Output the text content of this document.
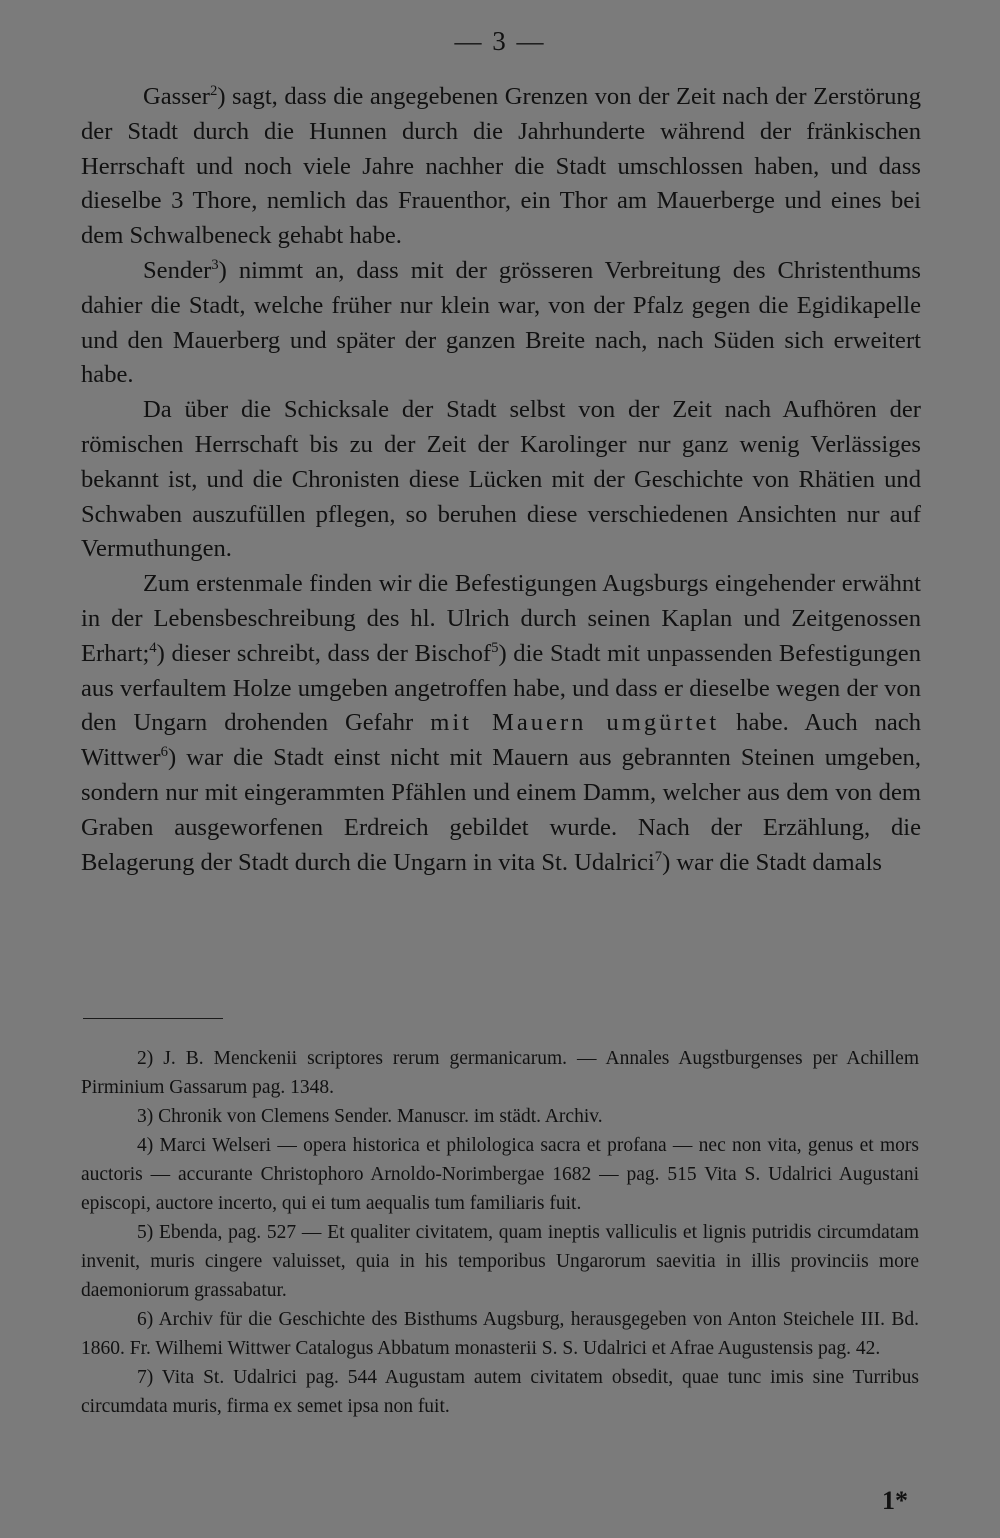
— 3 —

Gasser$^2$) sagt, dass die angegebenen Grenzen von der Zeit nach der Zerstörung der Stadt durch die Hunnen durch die Jahrhunderte während der fränkischen Herrschaft und noch viele Jahre nachher die Stadt umschlossen haben, und dass dieselbe 3 Thore, nemlich das Frauenthor, ein Thor am Mauerberge und eines bei dem Schwalbeneck gehabt habe.

Sender$^3$) nimmt an, dass mit der grösseren Verbreitung des Christenthums dahier die Stadt, welche früher nur klein war, von der Pfalz gegen die Egidikapelle und den Mauerberg und später der ganzen Breite nach, nach Süden sich erweitert habe.

Da über die Schicksale der Stadt selbst von der Zeit nach Aufhören der römischen Herrschaft bis zu der Zeit der Karolinger nur ganz wenig Verlässiges bekannt ist, und die Chronisten diese Lücken mit der Geschichte von Rhätien und Schwaben auszufüllen pflegen, so beruhen diese verschiedenen Ansichten nur auf Vermuthungen.

Zum erstenmale finden wir die Befestigungen Augsburgs eingehender erwähnt in der Lebensbeschreibung des hl. Ulrich durch seinen Kaplan und Zeitgenossen Erhart;$^4$) dieser schreibt, dass der Bischof$^5$) die Stadt mit unpassenden Befestigungen aus verfaultem Holze umgeben angetroffen habe, und dass er dieselbe wegen der von den Ungarn drohenden Gefahr mit Mauern umgürtet habe. Auch nach Wittwer$^6$) war die Stadt einst nicht mit Mauern aus gebrannten Steinen umgeben, sondern nur mit eingerammten Pfählen und einem Damm, welcher aus dem von dem Graben ausgeworfenen Erdreich gebildet wurde. Nach der Erzählung, die Belagerung der Stadt durch die Ungarn in vita St. Udalrici$^7$) war die Stadt damals

2) J. B. Menckenii scriptores rerum germanicarum. — Annales Augstburgenses per Achillem Pirminium Gassarum pag. 1348.

3) Chronik von Clemens Sender. Manuscr. im städt. Archiv.

4) Marci Welseri — opera historica et philologica sacra et profana — nec non vita, genus et mors auctoris — accurante Christophoro Arnoldo-Norimbergae 1682 — pag. 515 Vita S. Udalrici Augustani episcopi, auctore incerto, qui ei tum aequalis tum familiaris fuit.

5) Ebenda, pag. 527 — Et qualiter civitatem, quam ineptis valliculis et lignis putridis circumdatam invenit, muris cingere valuisset, quia in his temporibus Ungarorum saevitia in illis provinciis more daemoniorum grassabatur.

6) Archiv für die Geschichte des Bisthums Augsburg, herausgegeben von Anton Steichele III. Bd. 1860. Fr. Wilhemi Wittwer Catalogus Abbatum monasterii S. S. Udalrici et Afrae Augustensis pag. 42.

7) Vita St. Udalrici pag. 544 Augustam autem civitatem obsedit, quae tunc imis sine Turribus circumdata muris, firma ex semet ipsa non fuit.

1*
